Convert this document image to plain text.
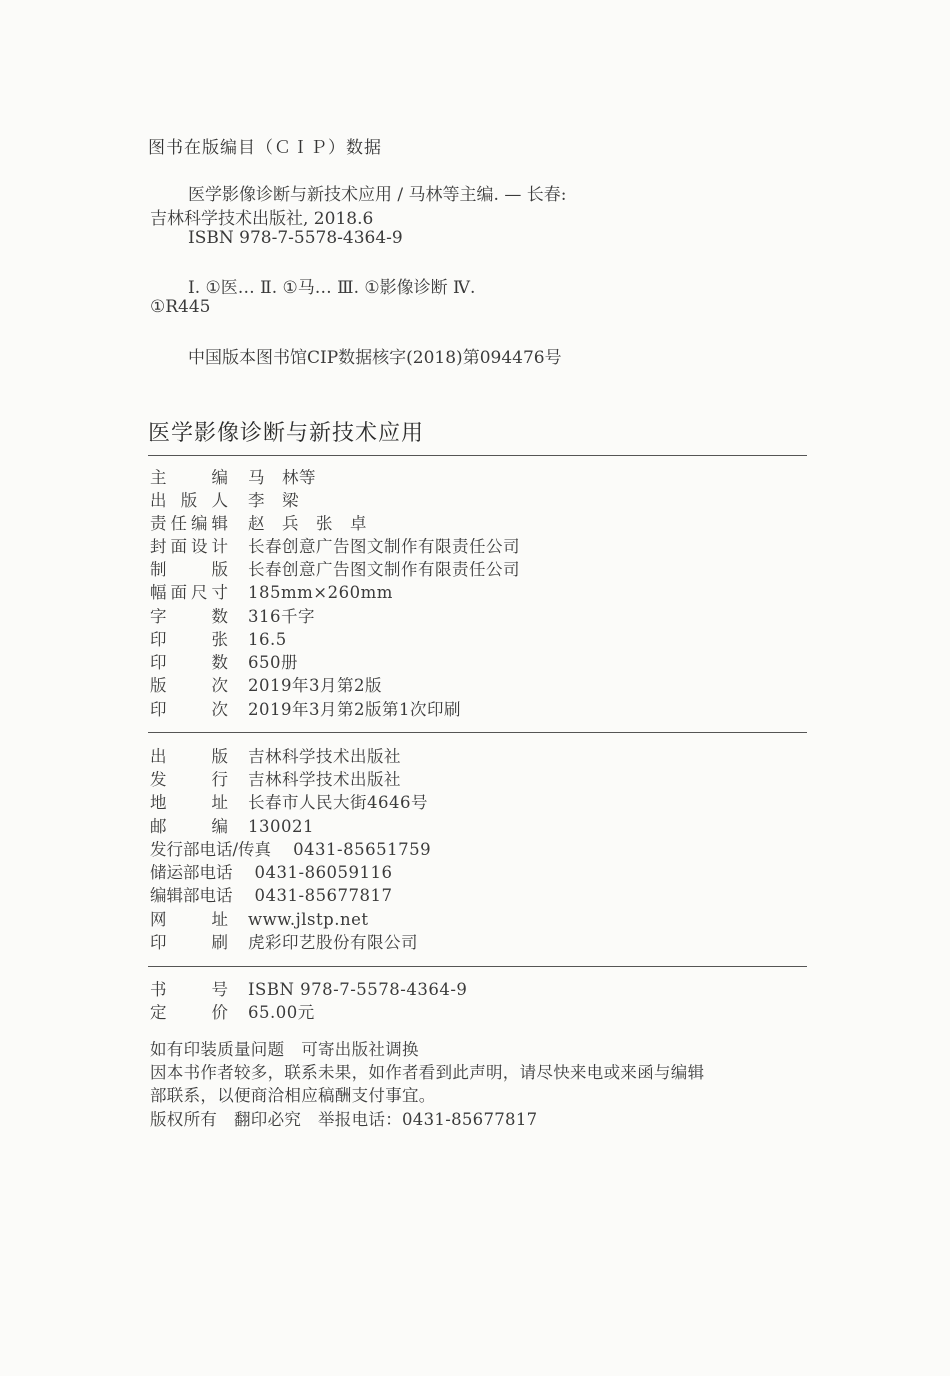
图书在版编目（ＣＩＰ）数据
医学影像诊断与新技术应用 / 马林等主编. — 长春:
吉林科学技术出版社, 2018.6
ISBN 978-7-5578-4364-9
Ⅰ. ①医… Ⅱ. ①马… Ⅲ. ①影像诊断 Ⅳ.
①R445
中国版本图书馆CIP数据核字(2018)第094476号
医学影像诊断与新技术应用
主编 马　林等
出版人 李　梁
责任编辑 赵　兵　张　卓
封面设计 长春创意广告图文制作有限责任公司
制版 长春创意广告图文制作有限责任公司
幅面尺寸 185mm×260mm
字数 316千字
印张 16.5
印数 650册
版次 2019年3月第2版
印次 2019年3月第2版第1次印刷
出版 吉林科学技术出版社
发行 吉林科学技术出版社
地址 长春市人民大街4646号
邮编 130021
发行部电话/传真 0431-85651759
储运部电话 0431-86059116
编辑部电话 0431-85677817
网址 www.jlstp.net
印刷 虎彩印艺股份有限公司
书号 ISBN 978-7-5578-4364-9
定价 65.00元
如有印装质量问题　可寄出版社调换
因本书作者较多，联系未果，如作者看到此声明，请尽快来电或来函与编辑
部联系，以便商洽相应稿酬支付事宜。
版权所有　翻印必究　举报电话：0431-85677817
